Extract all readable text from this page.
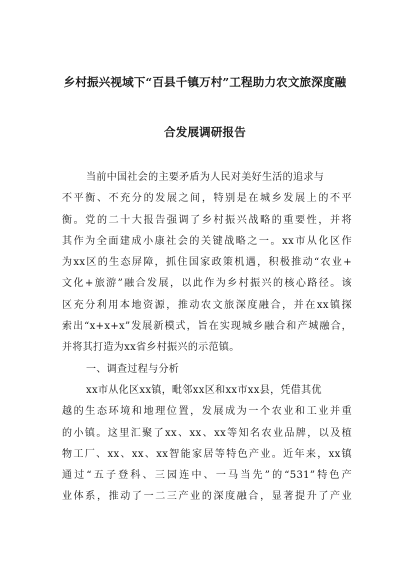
乡村振兴视域下“百县千镇万村”工程助力农文旅深度融
合发展调研报告
当前中国社会的主要矛盾为人民对美好生活的追求与
不平衡、不充分的发展之间，特别是在城乡发展上的不平
衡。党的二十大报告强调了乡村振兴战略的重要性，并将
其作为全面建成小康社会的关键战略之一。xx市从化区作
为xx区的生态屏障，抓住国家政策机遇，积极推动“农业+
文化+旅游”融合发展，以此作为乡村振兴的核心路径。该
区充分利用本地资源，推动农文旅深度融合，并在xx镇探
索出“x+x+x”发展新模式，旨在实现城乡融合和产城融合，
并将其打造为xx省乡村振兴的示范镇。
一、调查过程与分析
xx市从化区xx镇，毗邻xx区和xx市xx县，凭借其优
越的生态环境和地理位置，发展成为一个农业和工业并重
的小镇。这里汇聚了xx、xx、xx等知名农业品牌，以及植
物工厂、xx、xx、xx智能家居等特色产业。近年来，xx镇
通过“五子登科、三园连中、一马当先”的“531”特色产
业体系，推动了一二三产业的深度融合，显著提升了产业
